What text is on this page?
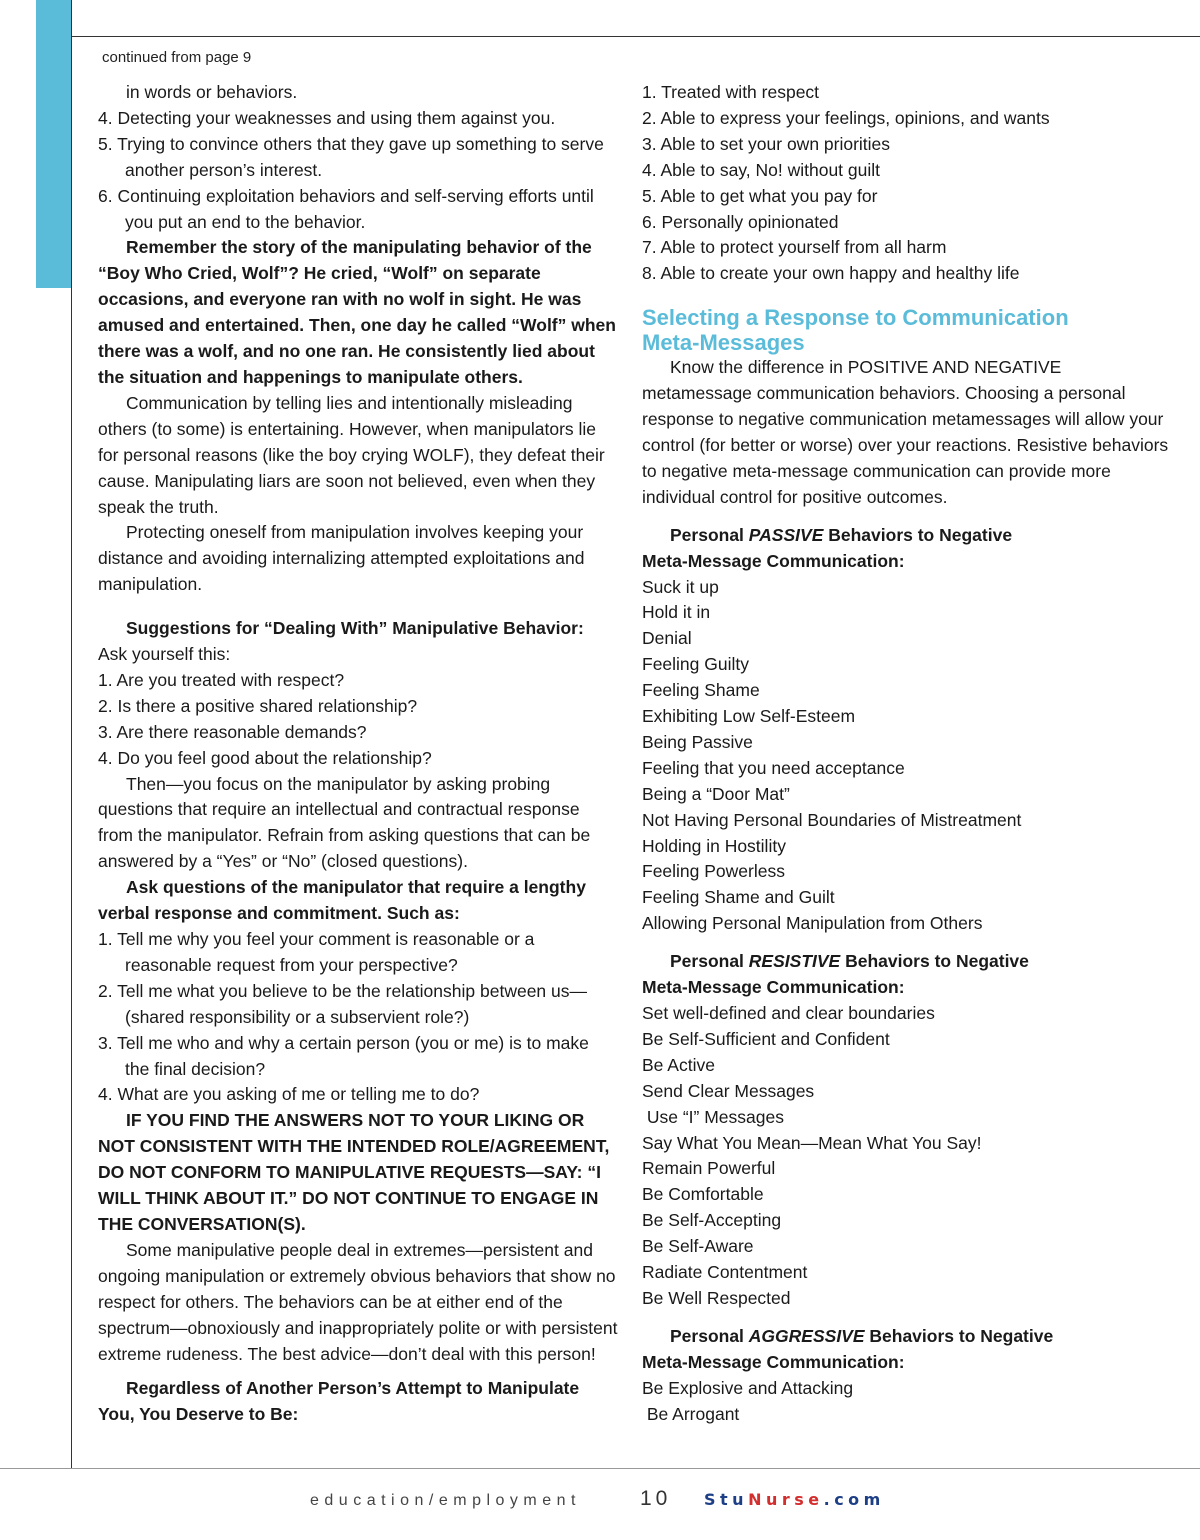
continued from page 9

in words or behaviors.

4. Detecting your weaknesses and using them against you.

5. Trying to convince others that they gave up something to serve another person’s interest.

6. Continuing exploitation behaviors and self-serving efforts until you put an end to the behavior.

Remember the story of the manipulating behavior of the “Boy Who Cried, Wolf”? He cried, “Wolf” on separate occasions, and everyone ran with no wolf in sight. He was amused and entertained. Then, one day he called “Wolf” when there was a wolf, and no one ran. He consistently lied about the situation and happenings to manipulate others.

Communication by telling lies and intentionally misleading others (to some) is entertaining. However, when manipulators lie for personal reasons (like the boy crying WOLF), they defeat their cause. Manipulating liars are soon not believed, even when they speak the truth.

Protecting oneself from manipulation involves keeping your distance and avoiding internalizing attempted exploitations and manipulation.

Suggestions for “Dealing With” Manipulative Behavior:

Ask yourself this:

1. Are you treated with respect?

2. Is there a positive shared relationship?

3. Are there reasonable demands?

4. Do you feel good about the relationship?

Then—you focus on the manipulator by asking probing questions that require an intellectual and contractual response from the manipulator. Refrain from asking questions that can be answered by a “Yes” or “No” (closed questions).

Ask questions of the manipulator that require a lengthy verbal response and commitment. Such as:

1. Tell me why you feel your comment is reasonable or a reasonable request from your perspective?

2. Tell me what you believe to be the relationship between us—(shared responsibility or a subservient role?)

3. Tell me who and why a certain person (you or me) is to make the final decision?

4. What are you asking of me or telling me to do?

IF YOU FIND THE ANSWERS NOT TO YOUR LIKING OR NOT CONSISTENT WITH THE INTENDED ROLE/AGREEMENT, DO NOT CONFORM TO MANIPULATIVE REQUESTS—SAY: “I WILL THINK ABOUT IT.” DO NOT CONTINUE TO ENGAGE IN THE CONVERSATION(S).

Some manipulative people deal in extremes—persistent and ongoing manipulation or extremely obvious behaviors that show no respect for others. The behaviors can be at either end of the spectrum—obnoxiously and inappropriately polite or with persistent extreme rudeness. The best advice—don’t deal with this person!

Regardless of Another Person’s Attempt to Manipulate You, You Deserve to Be:

1. Treated with respect

2. Able to express your feelings, opinions, and wants

3. Able to set your own priorities

4. Able to say, No! without guilt

5. Able to get what you pay for

6. Personally opinionated

7. Able to protect yourself from all harm

8. Able to create your own happy and healthy life

Selecting a Response to Communication

Meta-Messages

Know the difference in POSITIVE AND NEGATIVE metamessage communication behaviors. Choosing a personal response to negative communication metamessages will allow your control (for better or worse) over your reactions. Resistive behaviors to negative meta-message communication can provide more individual control for positive outcomes.

Personal PASSIVE Behaviors to Negative

Meta-Message Communication:

Suck it up

Hold it in

Denial

Feeling Guilty

Feeling Shame

Exhibiting Low Self-Esteem

Being Passive

Feeling that you need acceptance

Being a “Door Mat”

Not Having Personal Boundaries of Mistreatment

Holding in Hostility

Feeling Powerless

Feeling Shame and Guilt

Allowing Personal Manipulation from Others

Personal RESISTIVE Behaviors to Negative

Meta-Message Communication:

Set well-defined and clear boundaries

Be Self-Sufficient and Confident

Be Active

Send Clear Messages

Use “I” Messages

Say What You Mean—Mean What You Say!

Remain Powerful

Be Comfortable

Be Self-Accepting

Be Self-Aware

Radiate Contentment

Be Well Respected

Personal AGGRESSIVE Behaviors to Negative

Meta-Message Communication:

Be Explosive and Attacking

Be Arrogant

education/employment	10 StuNurse.com
